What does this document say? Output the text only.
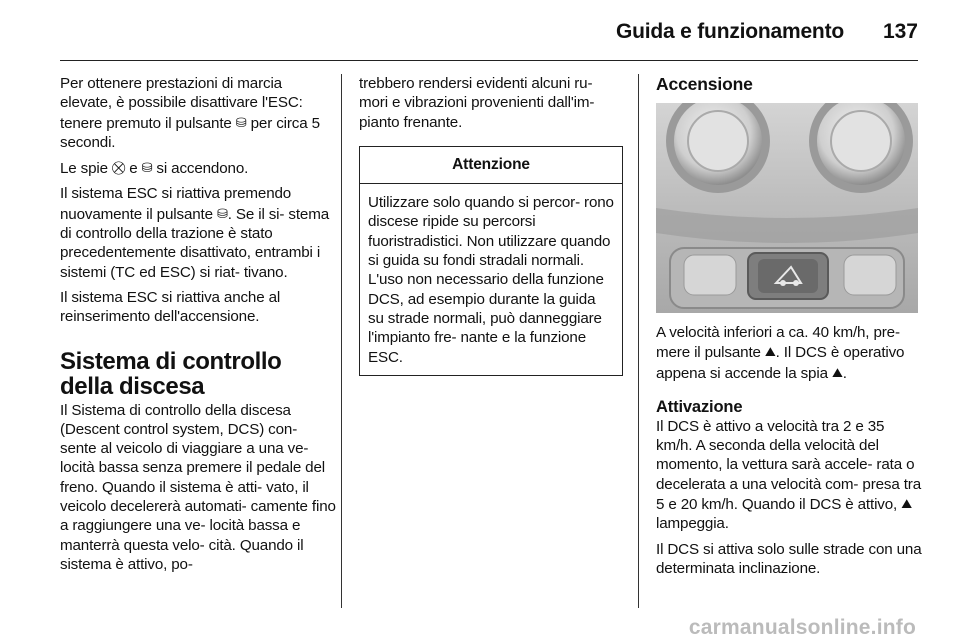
Guida e funzionamento 137

Per ottenere prestazioni di marcia elevate, è possibile disattivare l'ESC: tenere premuto il pulsante ⛁ per circa 5 secondi.

Le spie ⛒ e ⛁ si accendono.

Il sistema ESC si riattiva premendo nuovamente il pulsante ⛁. Se il si- stema di controllo della trazione è stato precedentemente disattivato, entrambi i sistemi (TC ed ESC) si riat- tivano.

Il sistema ESC si riattiva anche al reinserimento dell'accensione.

Sistema di controllo della discesa

Il Sistema di controllo della discesa (Descent control system, DCS) con- sente al veicolo di viaggiare a una ve- locità bassa senza premere il pedale del freno. Quando il sistema è atti- vato, il veicolo decelererà automati- camente fino a raggiungere una ve- locità bassa e manterrà questa velo- cità. Quando il sistema è attivo, po-

trebbero rendersi evidenti alcuni ru- mori e vibrazioni provenienti dall'im- pianto frenante.

Attenzione
Utilizzare solo quando si percor- rono discese ripide su percorsi fuoristradistici. Non utilizzare quando si guida su fondi stradali normali. L'uso non necessario della funzione DCS, ad esempio durante la guida su strade normali, può danneggiare l'impianto fre- nante e la funzione ESC.
Accensione

A velocità inferiori a ca. 40 km/h, pre- mere il pulsante ⛰. Il DCS è operativo appena si accende la spia ⛰.

Attivazione

Il DCS è attivo a velocità tra 2 e 35 km/h. A seconda della velocità del momento, la vettura sarà accele- rata o decelerata a una velocità com- presa tra 5 e 20 km/h. Quando il DCS è attivo, ⛰ lampeggia.

Il DCS si attiva solo sulle strade con una determinata inclinazione.

carmanualsonline.info
